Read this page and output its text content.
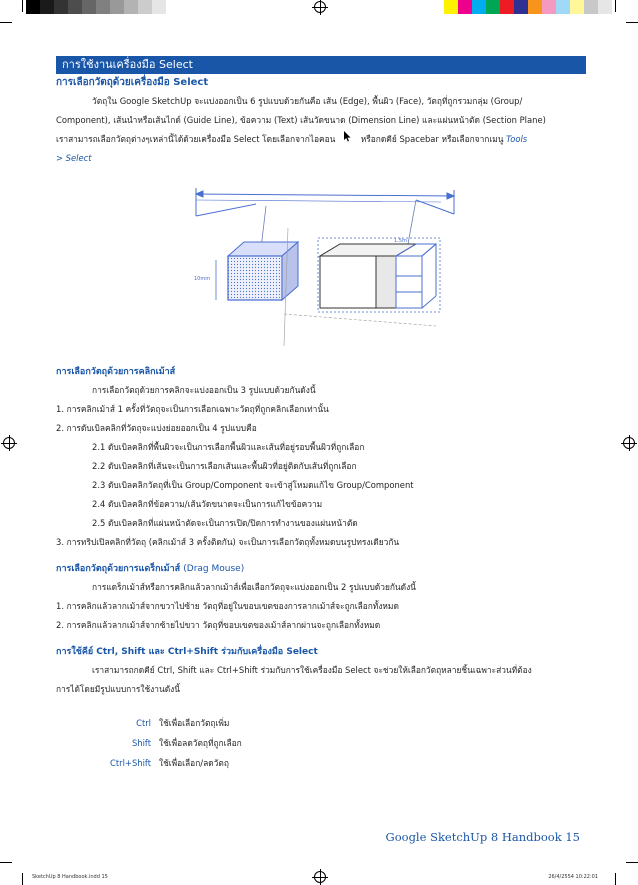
การใช้งานเครื่องมือ Select
การเลือกวัตถุด้วยเครื่องมือ Select

วัตถุใน Google SketchUp จะแบ่งออกเป็น 6 รูปแบบด้วยกันคือ เส้น (Edge), พื้นผิว (Face), วัตถุที่ถูกรวมกลุ่ม (Group/

Component), เส้นนำหรือเส้นไกด์ (Guide Line), ข้อความ (Text) เส้นวัดขนาด (Dimension Line) และแผ่นหน้าตัด (Section Plane)

เราสามารถเลือกวัตถุต่างๆเหล่านี้ได้ด้วยเครื่องมือ Select โดยเลือกจากไอคอน	หรือกดคีย์ Spacebar หรือเลือกจากเมนู Tools

> Select

10mm
1.5m
การเลือกวัตถุด้วยการคลิกเม้าส์

การเลือกวัตถุด้วยการคลิกจะแบ่งออกเป็น 3 รูปแบบด้วยกันดังนี้

1. การคลิกเม้าส์ 1 ครั้งที่วัตถุจะเป็นการเลือกเฉพาะวัตถุที่ถูกคลิกเลือกเท่านั้น

2. การดับเบิลคลิกที่วัตถุจะแบ่งย่อยออกเป็น 4 รูปแบบคือ

2.1 ดับเบิลคลิกที่พื้นผิวจะเป็นการเลือกพื้นผิวและเส้นที่อยู่รอบพื้นผิวที่ถูกเลือก

2.2 ดับเบิลคลิกที่เส้นจะเป็นการเลือกเส้นและพื้นผิวที่อยู่ติดกับเส้นที่ถูกเลือก

2.3 ดับเบิลคลิกวัตถุที่เป็น Group/Component จะเข้าสู่โหมดแก้ไข Group/Component

2.4 ดับเบิลคลิกที่ข้อความ/เส้นวัดขนาดจะเป็นการแก้ไขข้อความ

2.5 ดับเบิลคลิกที่แผ่นหน้าตัดจะเป็นการเปิด/ปิดการทำงานของแผ่นหน้าตัด

3. การทริปเปิลคลิกที่วัตถุ (คลิกเม้าส์ 3 ครั้งติดกัน) จะเป็นการเลือกวัตถุทั้งหมดบนรูปทรงเดียวกัน

การเลือกวัตถุด้วยการแดร็กเม้าส์ (Drag Mouse)

การแดร็กเม้าส์หรือการคลิกแล้วลากเม้าส์เพื่อเลือกวัตถุจะแบ่งออกเป็น 2 รูปแบบด้วยกันดังนี้

1. การคลิกแล้วลากเม้าส์จากขวาไปซ้าย วัตถุที่อยู่ในขอบเขตของการลากเม้าส์จะถูกเลือกทั้งหมด

2. การคลิกแล้วลากเม้าส์จากซ้ายไปขวา วัตถุที่ขอบเขตของเม้าส์ลากผ่านจะถูกเลือกทั้งหมด

การใช้คีย์ Ctrl, Shift และ Ctrl+Shift ร่วมกับเครื่องมือ Select

เราสามารถกดคีย์ Ctrl, Shift และ Ctrl+Shift ร่วมกับการใช้เครื่องมือ Select จะช่วยให้เลือกวัตถุหลายชิ้นเฉพาะส่วนที่ต้อง

การได้โดยมีรูปแบบการใช้งานดังนี้

Ctrl ใช้เพื่อเลือกวัตถุเพิ่ม
Shift ใช้เพื่อลดวัตถุที่ถูกเลือก
Ctrl+Shift ใช้เพื่อเลือก/ลดวัตถุ
Google SketchUp 8 Handbook 15
SketchUp 8 Handbook.indd 15	26/4/2554 10:22:01
